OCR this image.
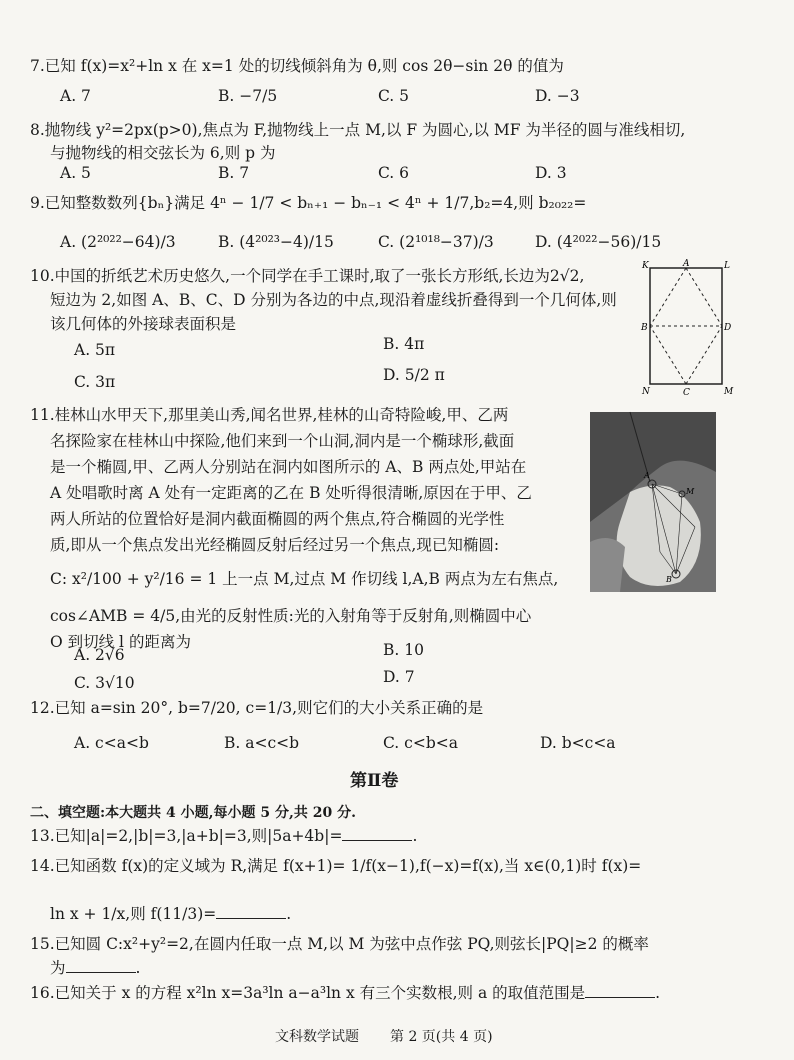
7.已知 f(x)=x²+ln x 在 x=1 处的切线倾斜角为 θ,则 cos 2θ−sin 2θ 的值为
A. 7	B. −7/5	C. 5	D. −3
8.抛物线 y²=2px(p>0),焦点为 F,抛物线上一点 M,以 F 为圆心,以 MF 为半径的圆与准线相切,
与抛物线的相交弦长为 6,则 p 为
A. 5	B. 7	C. 6	D. 3
9.已知整数数列{bₙ}满足 4ⁿ − 1/7 < bₙ₊₁ − bₙ₋₁ < 4ⁿ + 1/7,b₂=4,则 b₂₀₂₂=
A. (2²⁰²²−64)/3	B. (4²⁰²³−4)/15	C. (2¹⁰¹⁸−37)/3	D. (4²⁰²²−56)/15
10.中国的折纸艺术历史悠久,一个同学在手工课时,取了一张长方形纸,长边为2√2,
短边为 2,如图 A、B、C、D 分别为各边的中点,现沿着虚线折叠得到一个几何体,则
该几何体的外接球表面积是
A. 5π	B. 4π
C. 3π	D. 5/2 π
K	A	L
B	D
N	C	M
11.桂林山水甲天下,那里美山秀,闻名世界,桂林的山奇特险峻,甲、乙两
名探险家在桂林山中探险,他们来到一个山洞,洞内是一个椭球形,截面
是一个椭圆,甲、乙两人分别站在洞内如图所示的 A、B 两点处,甲站在
A 处唱歌时离 A 处有一定距离的乙在 B 处听得很清晰,原因在于甲、乙
两人所站的位置恰好是洞内截面椭圆的两个焦点,符合椭圆的光学性
质,即从一个焦点发出光经椭圆反射后经过另一个焦点,现已知椭圆:
C: x²/100 + y²/16 = 1 上一点 M,过点 M 作切线 l,A,B 两点为左右焦点,
cos∠AMB = 4/5,由光的反射性质:光的入射角等于反射角,则椭圆中心
O 到切线 l 的距离为
A. 2√6	B. 10
C. 3√10	D. 7
A
M
B
12.已知 a=sin 20°, b=7/20, c=1/3,则它们的大小关系正确的是
A. c<a<b	B. a<c<b	C. c<b<a	D. b<c<a
第Ⅱ卷
二、填空题:本大题共 4 小题,每小题 5 分,共 20 分.
13.已知|a|=2,|b|=3,|a+b|=3,则|5a+4b|=	.
14.已知函数 f(x)的定义域为 R,满足 f(x+1)= 1/f(x−1),f(−x)=f(x),当 x∈(0,1)时 f(x)=
ln x + 1/x,则 f(11/3)=	.
15.已知圆 C:x²+y²=2,在圆内任取一点 M,以 M 为弦中点作弦 PQ,则弦长|PQ|≥2 的概率
为	.
16.已知关于 x 的方程 x²ln x=3a³ln a−a³ln x 有三个实数根,则 a 的取值范围是	.
文科数学试题 第 2 页(共 4 页)
